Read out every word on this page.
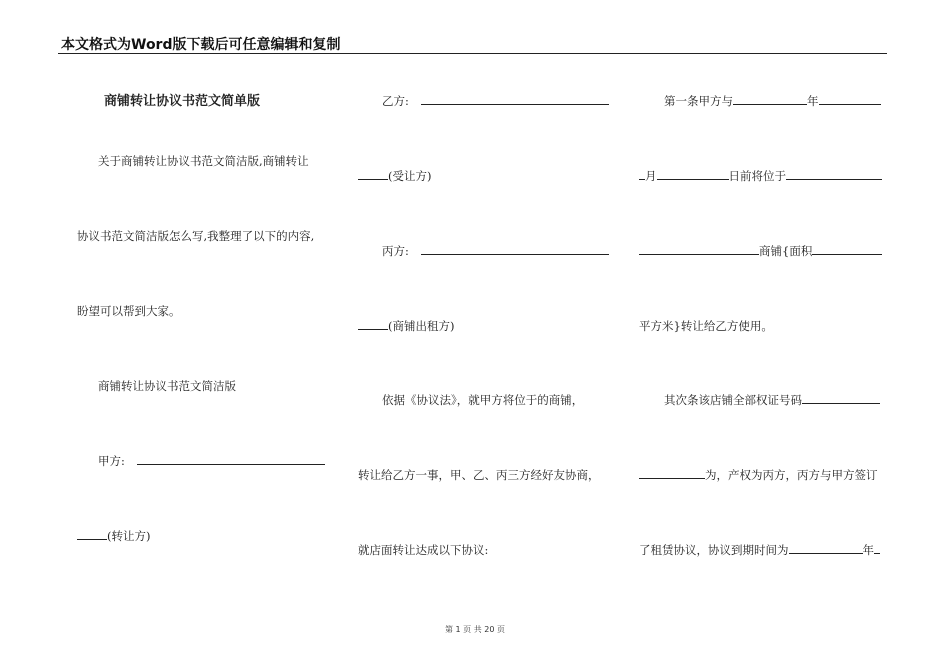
本文格式为Word版下载后可任意编辑和复制
商铺转让协议书范文简单版
关于商铺转让协议书范文简洁版,商铺转让
协议书范文简洁版怎么写,我整理了以下的内容,
盼望可以帮到大家。
商铺转让协议书范文简洁版
甲方:
(转让方)
乙方:
(受让方)
丙方:
(商铺出租方)
依据《协议法》，就甲方将位于的商铺，
转让给乙方一事，甲、乙、丙三方经好友协商，
就店面转让达成以下协议:
第一条甲方与	年
月	日前将位于
商铺{面积
平方米}转让给乙方使用。
其次条该店铺全部权证号码
为，产权为丙方，丙方与甲方签订
了租赁协议，协议到期时间为	年
第 1 页 共 20 页
